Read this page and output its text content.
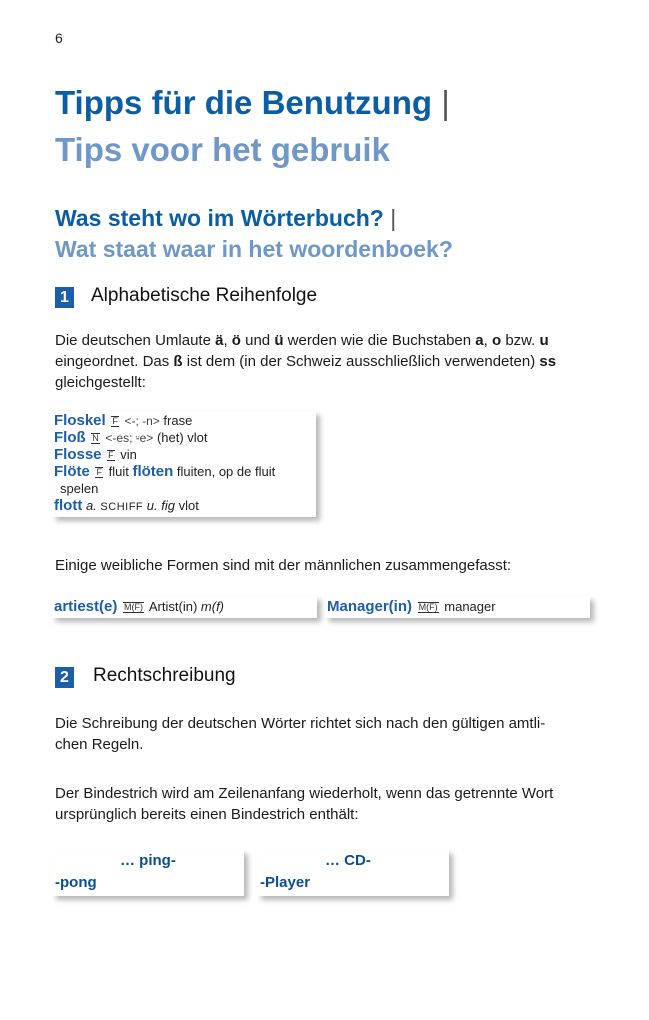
6
Tipps für die Benutzung |
Tips voor het gebruik
Was steht wo im Wörterbuch? |
Wat staat waar in het woordenboek?
1 Alphabetische Reihenfolge
Die deutschen Umlaute ä, ö und ü werden wie die Buchstaben a, o bzw. u
eingeordnet. Das ß ist dem (in der Schweiz ausschließlich verwendeten) ss
gleichgestellt:
Floskel F <-; -n> frase
Floß N <-es; ⸚e> (het) vlot
Flosse F vin
Flöte F fluit flöten fluiten, op de fluit
spelen
flott a. SCHIFF u. fig vlot
Einige weibliche Formen sind mit der männlichen zusammengefasst:
artiest(e) M(F) Artist(in) m(f)	Manager(in) M(F) manager
2 Rechtschreibung
Die Schreibung der deutschen Wörter richtet sich nach den gültigen amtli-
chen Regeln.
Der Bindestrich wird am Zeilenanfang wiederholt, wenn das getrennte Wort
ursprünglich bereits einen Bindestrich enthält:
… ping-
-pong
… CD-
-Player
